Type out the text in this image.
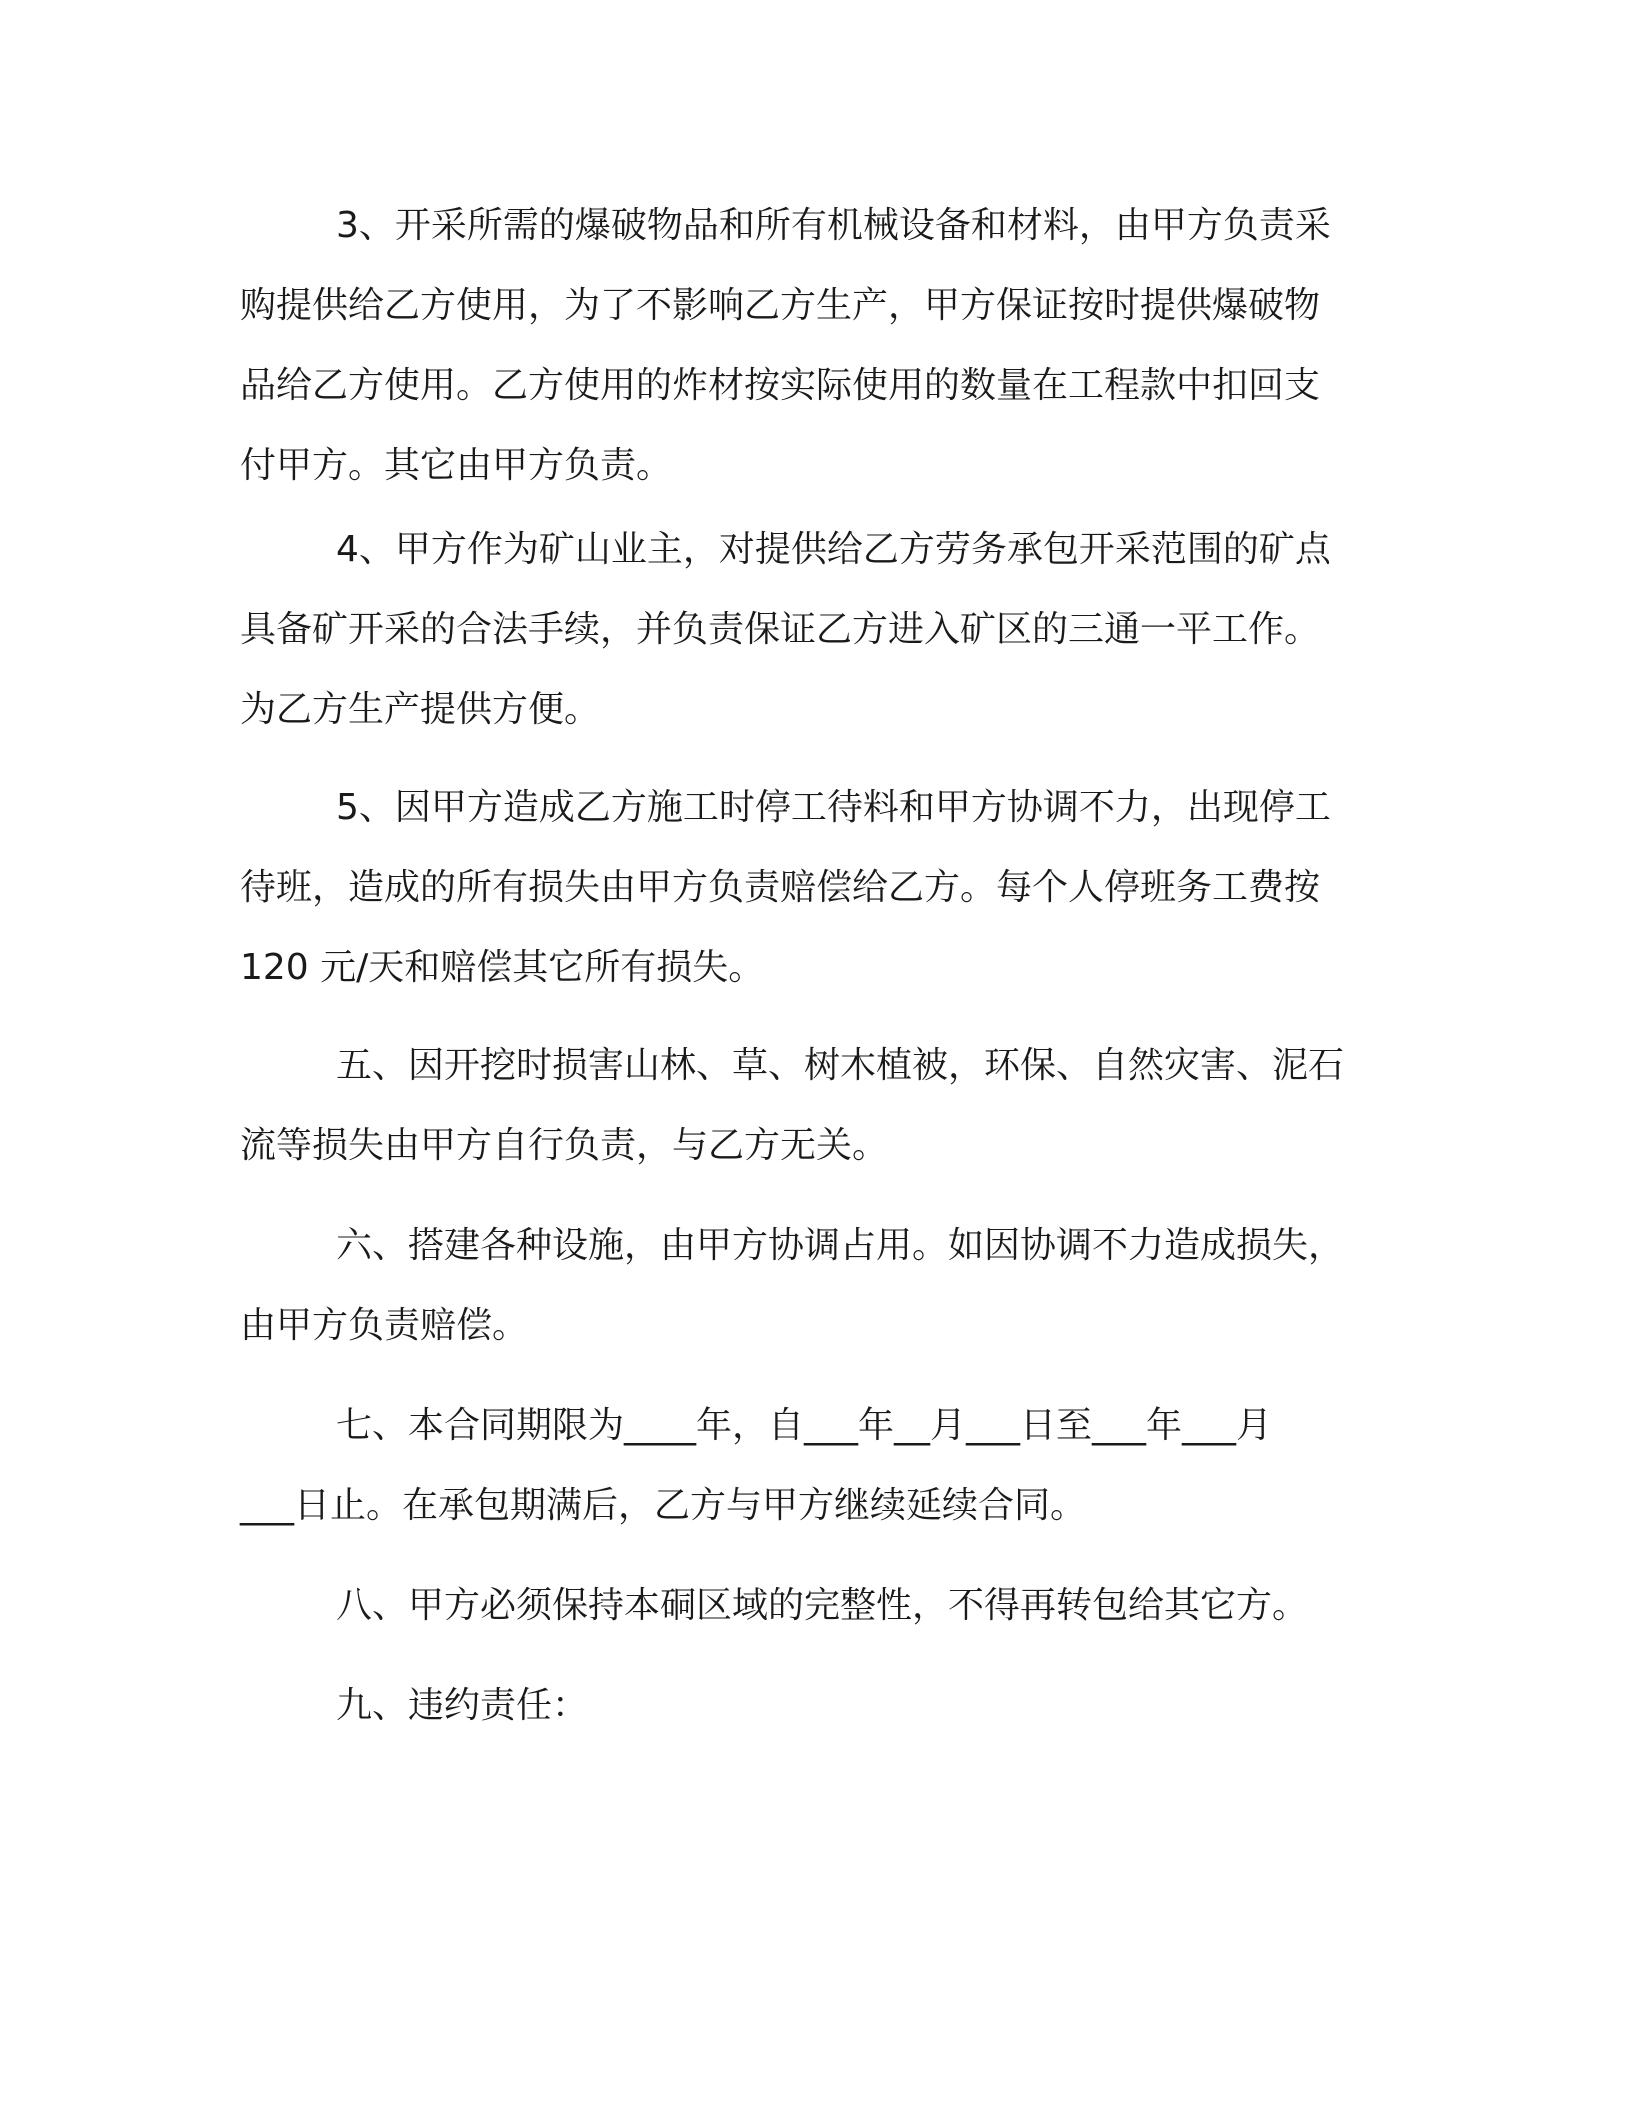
3、开采所需的爆破物品和所有机械设备和材料，由甲方负责采
购提供给乙方使用，为了不影响乙方生产，甲方保证按时提供爆破物
品给乙方使用。乙方使用的炸材按实际使用的数量在工程款中扣回支
付甲方。其它由甲方负责。

4、甲方作为矿山业主，对提供给乙方劳务承包开采范围的矿点
具备矿开采的合法手续，并负责保证乙方进入矿区的三通一平工作。
为乙方生产提供方便。

5、因甲方造成乙方施工时停工待料和甲方协调不力，出现停工
待班，造成的所有损失由甲方负责赔偿给乙方。每个人停班务工费按
120 元/天和赔偿其它所有损失。

五、因开挖时损害山林、草、树木植被，环保、自然灾害、泥石
流等损失由甲方自行负责，与乙方无关。

六、搭建各种设施，由甲方协调占用。如因协调不力造成损失，
由甲方负责赔偿。

七、本合同期限为____年，自___年__月___日至___年___月
___日止。在承包期满后，乙方与甲方继续延续合同。

八、甲方必须保持本硐区域的完整性，不得再转包给其它方。

九、违约责任：
